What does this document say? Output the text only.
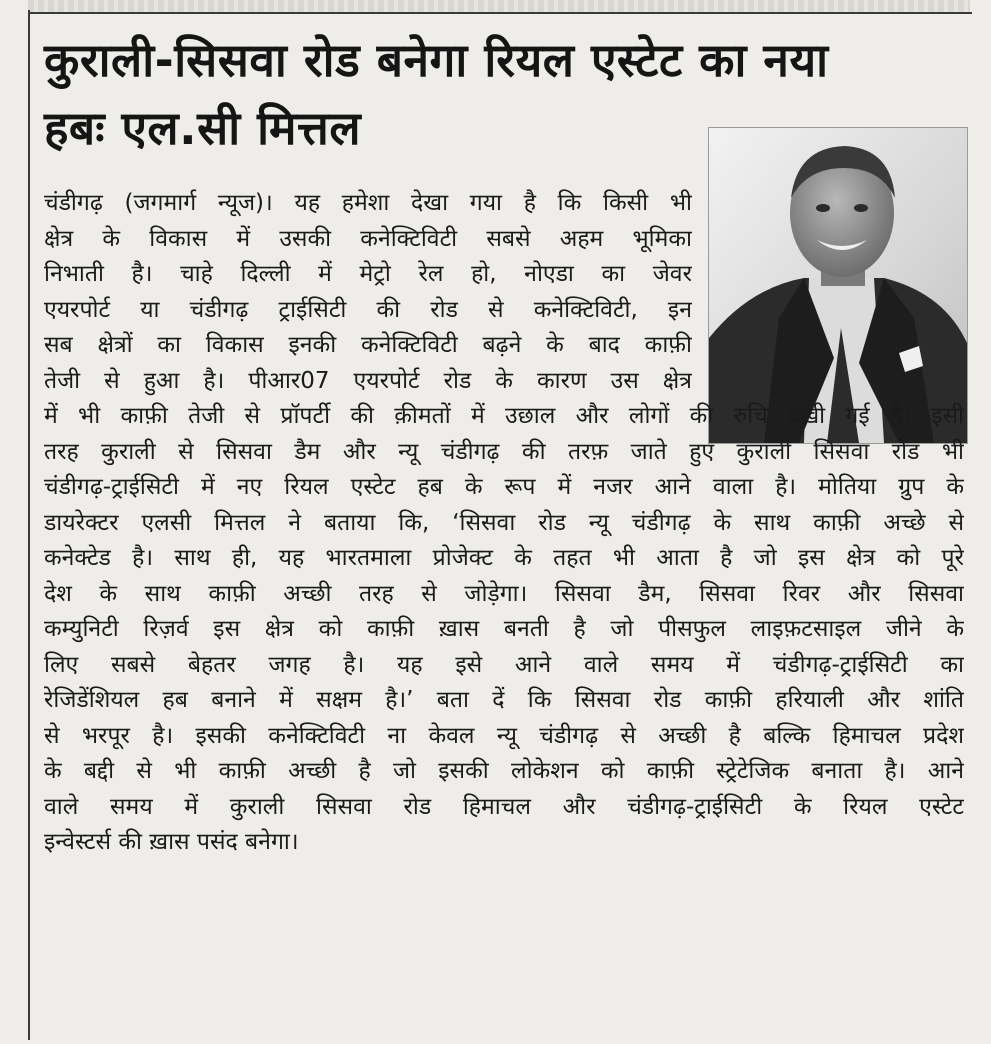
कुराली-सिसवा रोड बनेगा रियल एस्टेट का नया
हबः एल.सी मित्तल
चंडीगढ़ (जगमार्ग न्यूज)। यह हमेशा देखा गया है कि किसी भी
क्षेत्र के विकास में उसकी कनेक्टिविटी सबसे अहम भूमिका
निभाती है। चाहे दिल्ली में मेट्रो रेल हो, नोएडा का जेवर
एयरपोर्ट या चंडीगढ़ ट्राईसिटी की रोड से कनेक्टिविटी, इन
सब क्षेत्रों का विकास इनकी कनेक्टिविटी बढ़ने के बाद काफ़ी
तेजी से हुआ है। पीआर07 एयरपोर्ट रोड के कारण उस क्षेत्र
में भी काफ़ी तेजी से प्रॉपर्टी की क़ीमतों में उछाल और लोगों की रुचि देखी गई है। इसी
तरह कुराली से सिसवा डैम और न्यू चंडीगढ़ की तरफ़ जाते हुए कुराली सिसवा रोड भी
चंडीगढ़-ट्राईसिटी में नए रियल एस्टेट हब के रूप में नजर आने वाला है। मोतिया ग्रुप के
डायरेक्टर एलसी मित्तल ने बताया कि, ‘सिसवा रोड न्यू चंडीगढ़ के साथ काफ़ी अच्छे से
कनेक्टेड है। साथ ही, यह भारतमाला प्रोजेक्ट के तहत भी आता है जो इस क्षेत्र को पूरे
देश के साथ काफ़ी अच्छी तरह से जोड़ेगा। सिसवा डैम, सिसवा रिवर और सिसवा
कम्युनिटी रिज़र्व इस क्षेत्र को काफ़ी ख़ास बनती है जो पीसफुल लाइफ़टसाइल जीने के
लिए सबसे बेहतर जगह है। यह इसे आने वाले समय में चंडीगढ़-ट्राईसिटी का
रेजिडेंशियल हब बनाने में सक्षम है।’ बता दें कि सिसवा रोड काफ़ी हरियाली और शांति
से भरपूर है। इसकी कनेक्टिविटी ना केवल न्यू चंडीगढ़ से अच्छी है बल्कि हिमाचल प्रदेश
के बद्दी से भी काफ़ी अच्छी है जो इसकी लोकेशन को काफ़ी स्ट्रेटेजिक बनाता है। आने
वाले समय में कुराली सिसवा रोड हिमाचल और चंडीगढ़-ट्राईसिटी के रियल एस्टेट
इन्वेस्टर्स की ख़ास पसंद बनेगा।
